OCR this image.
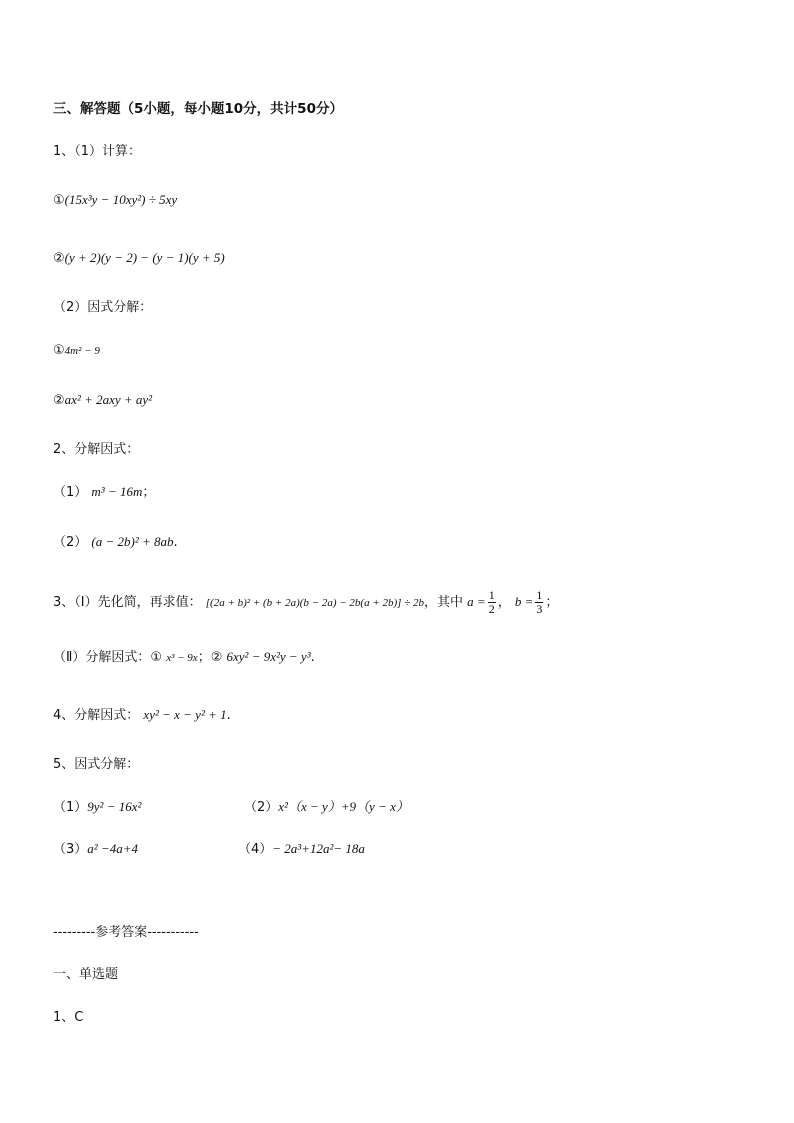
三、解答题（5小题，每小题10分，共计50分）
1、（1）计算：
①(15x³y − 10xy²) ÷ 5xy
②(y + 2)(y − 2) − (y − 1)(y + 5)
（2）因式分解：
①4m² − 9
②ax² + 2axy + ay²
2、分解因式：
（1） m³ − 16m；
（2） (a − 2b)² + 8ab.
3、（Ⅰ）先化简，再求值： [(2a + b)² + (b + 2a)(b − 2a) − 2b(a + 2b)] ÷ 2b，其中 $a = \frac{1}{2}$ ， $b = \frac{1}{3}$ ；
（Ⅱ）分解因式：① x³ − 9x；② 6xy² − 9x²y − y³.
4、分解因式： xy² − x − y² + 1.
5、因式分解：
（1）9y² − 16x²	（2）x²（x − y）+9（y − x）
（3）a² −4a+4	（4）− 2a³+12a²− 18a
---------参考答案-----------
一、单选题
1、C
